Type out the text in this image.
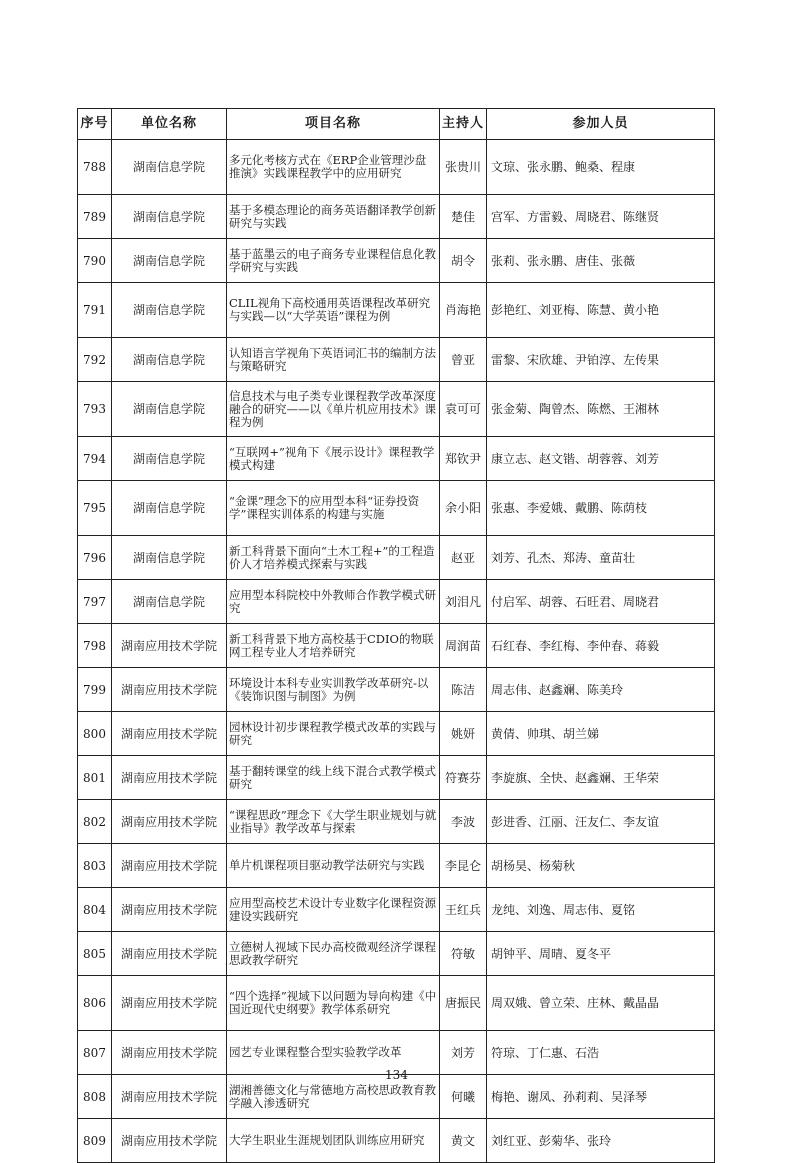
序号	单位名称	项目名称	主持人	参加人员
788	湖南信息学院	多元化考核方式在《ERP企业管理沙盘推演》实践课程教学中的应用研究	张贵川	文琼、张永鹏、鲍桑、程康
789	湖南信息学院	基于多模态理论的商务英语翻译教学创新研究与实践	楚佳	宫军、方雷毅、周晓君、陈继贤
790	湖南信息学院	基于蓝墨云的电子商务专业课程信息化教学研究与实践	胡令	张莉、张永鹏、唐佳、张薇
791	湖南信息学院	CLIL视角下高校通用英语课程改革研究与实践—以“大学英语”课程为例	肖海艳	彭艳红、刘亚梅、陈慧、黄小艳
792	湖南信息学院	认知语言学视角下英语词汇书的编制方法与策略研究	曾亚	雷黎、宋欣雄、尹铂淳、左传果
793	湖南信息学院	信息技术与电子类专业课程教学改革深度融合的研究——以《单片机应用技术》课程为例	袁可可	张金菊、陶曾杰、陈燃、王湘林
794	湖南信息学院	“互联网+”视角下《展示设计》课程教学模式构建	郑钦尹	康立志、赵文锴、胡蓉蓉、刘芳
795	湖南信息学院	“金课”理念下的应用型本科“证券投资学”课程实训体系的构建与实施	余小阳	张惠、李爱娥、戴鹏、陈荫枝
796	湖南信息学院	新工科背景下面向“土木工程+”的工程造价人才培养模式探索与实践	赵亚	刘芳、孔杰、郑涛、童苗壮
797	湖南信息学院	应用型本科院校中外教师合作教学模式研究	刘泪凡	付启军、胡蓉、石旺君、周晓君
798	湖南应用技术学院	新工科背景下地方高校基于CDIO的物联网工程专业人才培养研究	周润苗	石红春、李红梅、李仲春、蒋毅
799	湖南应用技术学院	环境设计本科专业实训教学改革研究-以 《装饰识图与制图》为例	陈洁	周志伟、赵鑫斓、陈美玲
800	湖南应用技术学院	园林设计初步课程教学模式改革的实践与研究	姚妍	黄倩、帅琪、胡兰娣
801	湖南应用技术学院	基于翻转课堂的线上线下混合式教学模式研究	符赛芬	李旋旗、全快、赵鑫斓、王华荣
802	湖南应用技术学院	“课程思政”理念下《大学生职业规划与就业指导》教学改革与探索	李波	彭进香、江丽、汪友仁、李友谊
803	湖南应用技术学院	单片机课程项目驱动教学法研究与实践	李昆仑	胡杨昊、杨菊秋
804	湖南应用技术学院	应用型高校艺术设计专业数字化课程资源建设实践研究	王红兵	龙纯、刘逸、周志伟、夏铭
805	湖南应用技术学院	立德树人视域下民办高校微观经济学课程思政教学研究	符敏	胡钟平、周晴、夏冬平
806	湖南应用技术学院	“四个选择”视域下以问题为导向构建《中国近现代史纲要》教学体系研究	唐振民	周双娥、曾立荣、庄林、戴晶晶
807	湖南应用技术学院	园艺专业课程整合型实验教学改革	刘芳	符琼、丁仁惠、石浩
808	湖南应用技术学院	湖湘善德文化与常德地方高校思政教育教学融入渗透研究	何曦	梅艳、谢凤、孙莉莉、吴泽琴
809	湖南应用技术学院	大学生职业生涯规划团队训练应用研究	黄文	刘红亚、彭菊华、张玲
134
